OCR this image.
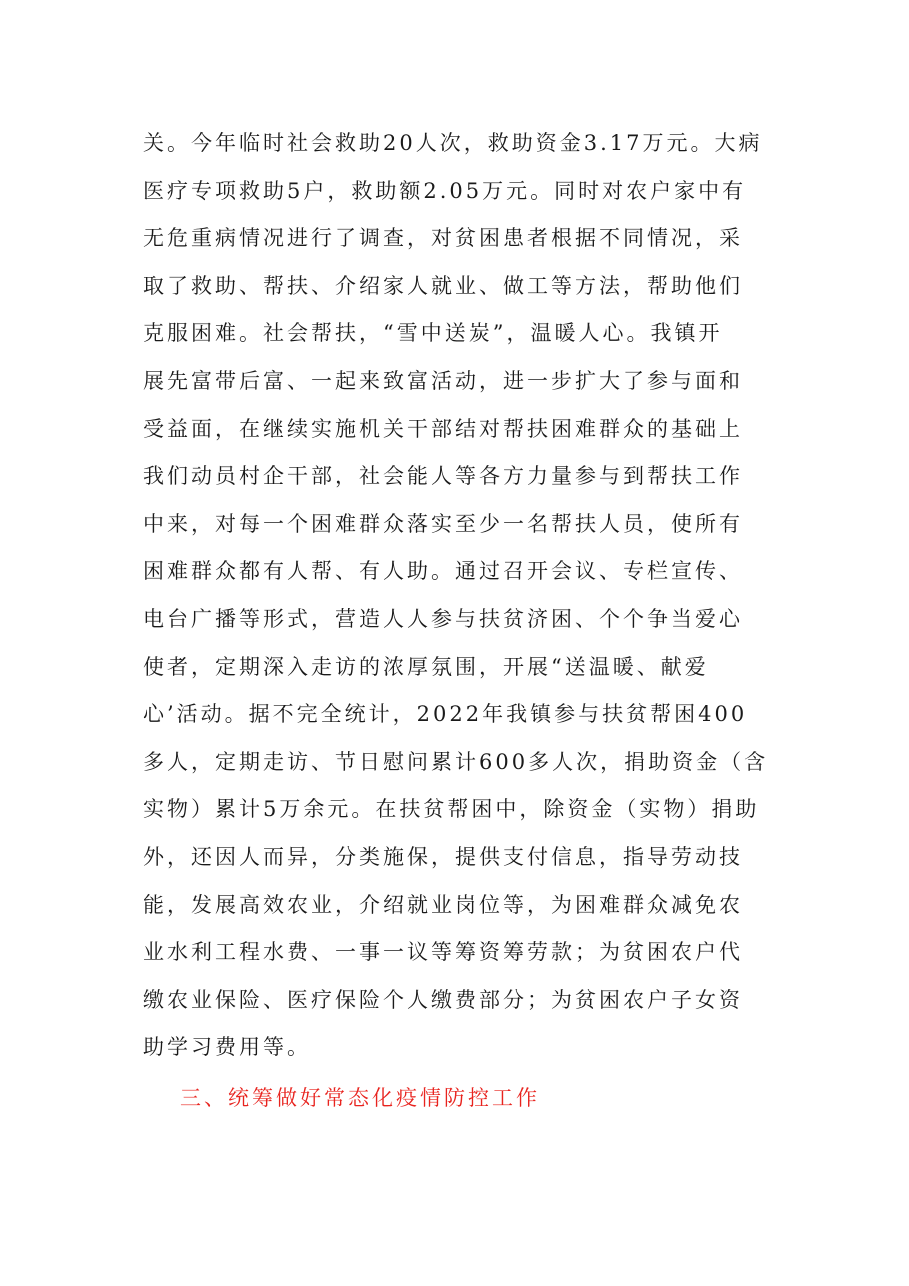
关。今年临时社会救助20人次，救助资金3.17万元。大病
医疗专项救助5户，救助额2.05万元。同时对农户家中有
无危重病情况进行了调查，对贫困患者根据不同情况，采
取了救助、帮扶、介绍家人就业、做工等方法，帮助他们
克服困难。社会帮扶，“雪中送炭”，温暖人心。我镇开
展先富带后富、一起来致富活动，进一步扩大了参与面和
受益面，在继续实施机关干部结对帮扶困难群众的基础上
我们动员村企干部，社会能人等各方力量参与到帮扶工作
中来，对每一个困难群众落实至少一名帮扶人员，使所有
困难群众都有人帮、有人助。通过召开会议、专栏宣传、
电台广播等形式，营造人人参与扶贫济困、个个争当爱心
使者，定期深入走访的浓厚氛围，开展“送温暖、献爱
心’活动。据不完全统计，2022年我镇参与扶贫帮困400
多人，定期走访、节日慰问累计600多人次，捐助资金（含
实物）累计5万余元。在扶贫帮困中，除资金（实物）捐助
外，还因人而异，分类施保，提供支付信息，指导劳动技
能，发展高效农业，介绍就业岗位等，为困难群众减免农
业水利工程水费、一事一议等筹资筹劳款；为贫困农户代
缴农业保险、医疗保险个人缴费部分；为贫困农户子女资
助学习费用等。
三、统筹做好常态化疫情防控工作
